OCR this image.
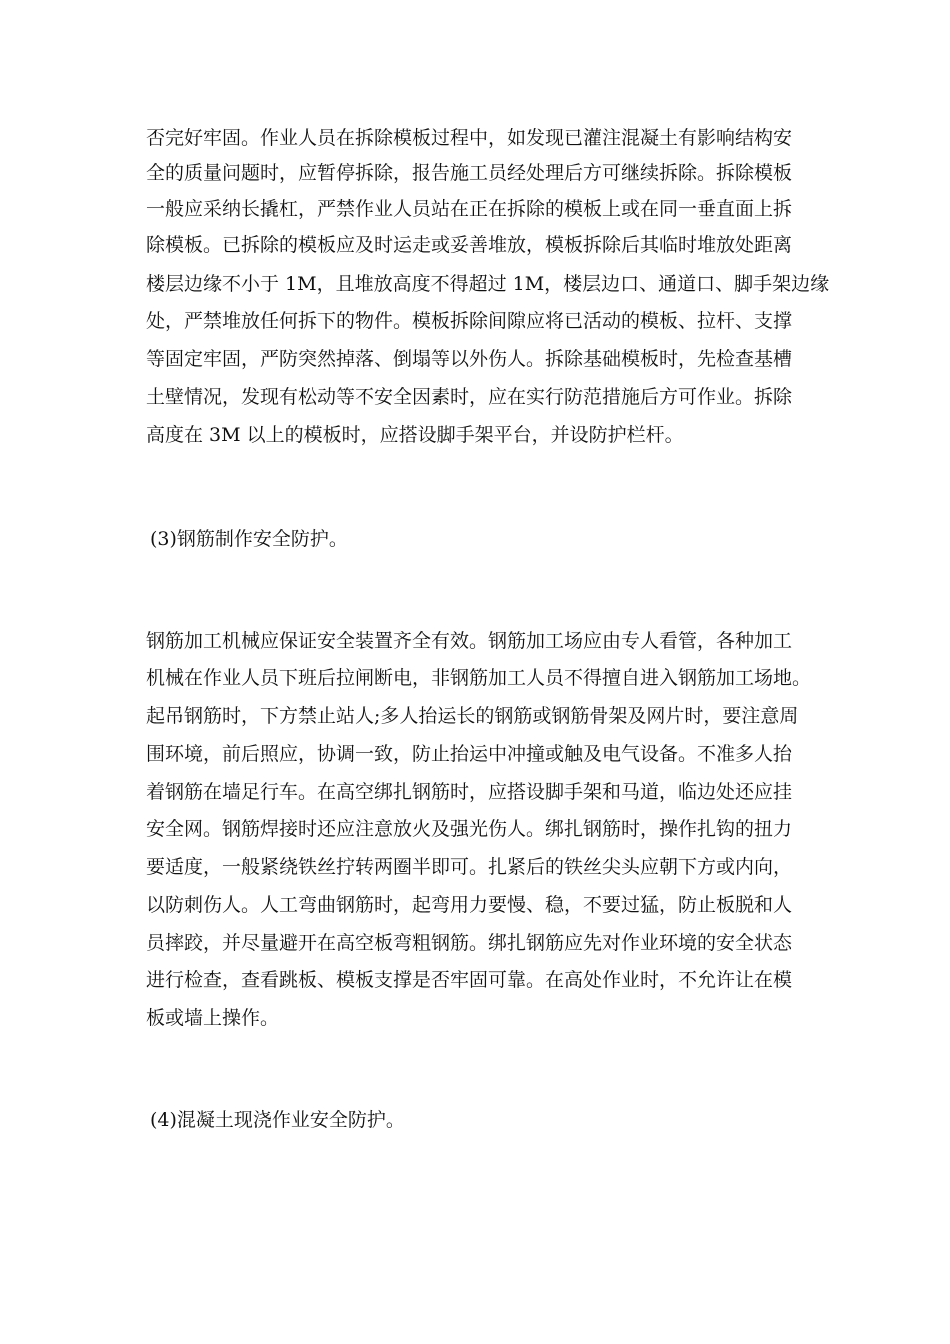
否完好牢固。作业人员在拆除模板过程中，如发现已灌注混凝土有影响结构安
全的质量问题时，应暂停拆除，报告施工员经处理后方可继续拆除。拆除模板
一般应采纳长撬杠，严禁作业人员站在正在拆除的模板上或在同一垂直面上拆
除模板。已拆除的模板应及时运走或妥善堆放，模板拆除后其临时堆放处距离
楼层边缘不小于 1M，且堆放高度不得超过 1M，楼层边口、通道口、脚手架边缘
处，严禁堆放任何拆下的物件。模板拆除间隙应将已活动的模板、拉杆、支撑
等固定牢固，严防突然掉落、倒塌等以外伤人。拆除基础模板时，先检查基槽
土壁情况，发现有松动等不安全因素时，应在实行防范措施后方可作业。拆除
高度在 3M 以上的模板时，应搭设脚手架平台，并设防护栏杆。
(3)钢筋制作安全防护。
钢筋加工机械应保证安全装置齐全有效。钢筋加工场应由专人看管，各种加工
机械在作业人员下班后拉闸断电，非钢筋加工人员不得擅自进入钢筋加工场地。
起吊钢筋时，下方禁止站人;多人抬运长的钢筋或钢筋骨架及网片时，要注意周
围环境，前后照应，协调一致，防止抬运中冲撞或触及电气设备。不准多人抬
着钢筋在墙足行车。在高空绑扎钢筋时，应搭设脚手架和马道，临边处还应挂
安全网。钢筋焊接时还应注意放火及强光伤人。绑扎钢筋时，操作扎钩的扭力
要适度，一般紧绕铁丝拧转两圈半即可。扎紧后的铁丝尖头应朝下方或内向，
以防刺伤人。人工弯曲钢筋时，起弯用力要慢、稳，不要过猛，防止板脱和人
员摔跤，并尽量避开在高空板弯粗钢筋。绑扎钢筋应先对作业环境的安全状态
进行检查，查看跳板、模板支撑是否牢固可靠。在高处作业时，不允许让在模
板或墙上操作。
(4)混凝土现浇作业安全防护。
